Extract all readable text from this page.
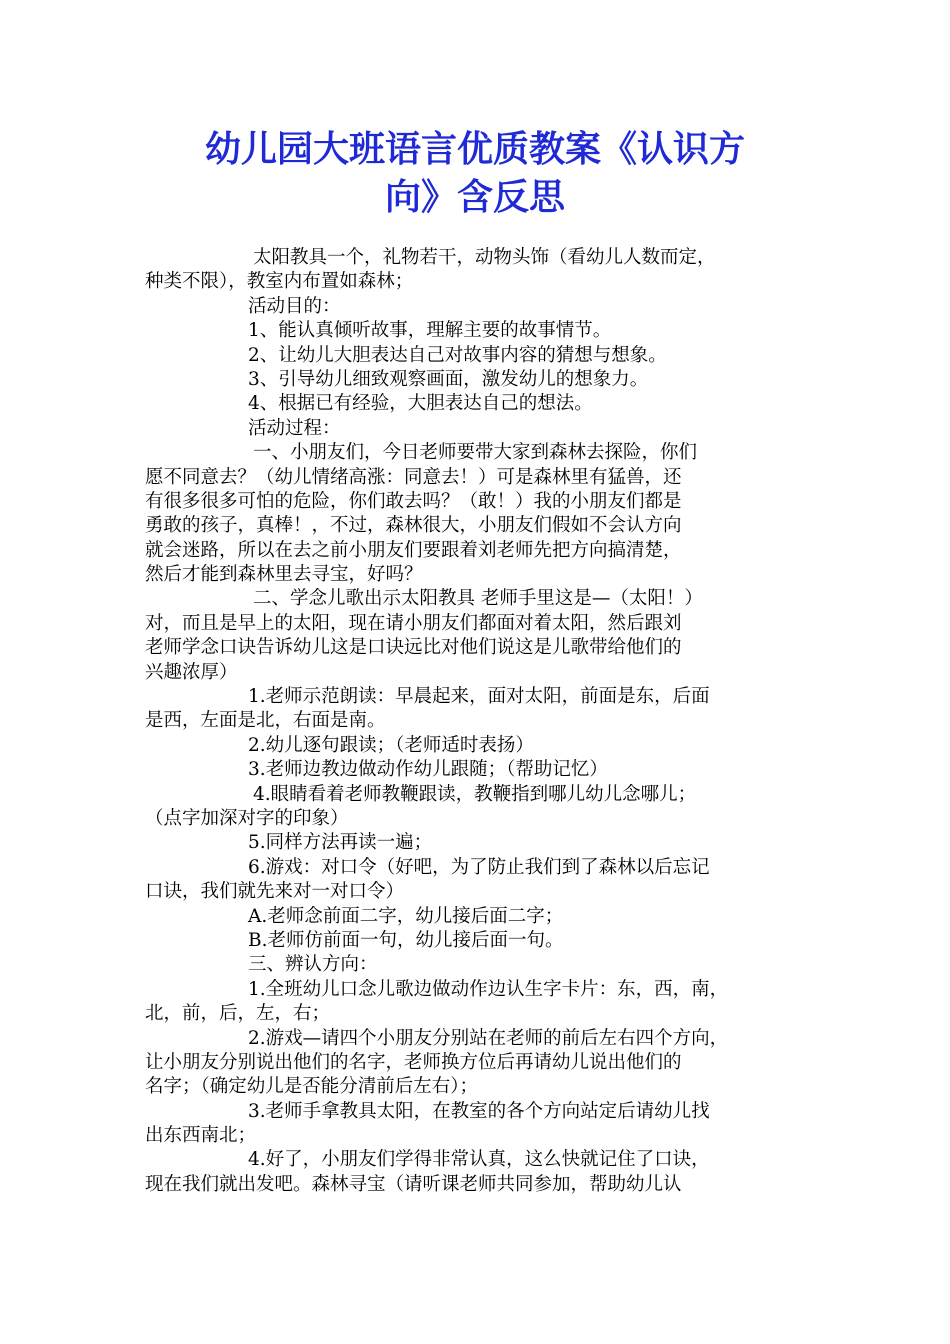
幼儿园大班语言优质教案《认识方
向》含反思
太阳教具一个，礼物若干，动物头饰（看幼儿人数而定，
种类不限），教室内布置如森林；
活动目的：
1、能认真倾听故事，理解主要的故事情节。
2、让幼儿大胆表达自己对故事内容的猜想与想象。
3、引导幼儿细致观察画面，激发幼儿的想象力。
4、根据已有经验，大胆表达自己的想法。
活动过程：
一、小朋友们，今日老师要带大家到森林去探险，你们
愿不同意去？（幼儿情绪高涨：同意去！）可是森林里有猛兽，还
有很多很多可怕的危险，你们敢去吗？（敢！）我的小朋友们都是
勇敢的孩子，真棒！，不过，森林很大，小朋友们假如不会认方向
就会迷路，所以在去之前小朋友们要跟着刘老师先把方向搞清楚，
然后才能到森林里去寻宝，好吗？
二、学念儿歌出示太阳教具 老师手里这是—（太阳！）
对，而且是早上的太阳，现在请小朋友们都面对着太阳，然后跟刘
老师学念口诀告诉幼儿这是口诀远比对他们说这是儿歌带给他们的
兴趣浓厚）
1.老师示范朗读：早晨起来，面对太阳，前面是东，后面
是西，左面是北，右面是南。
2.幼儿逐句跟读；（老师适时表扬）
3.老师边教边做动作幼儿跟随；（帮助记忆）
4.眼睛看着老师教鞭跟读，教鞭指到哪儿幼儿念哪儿；
（点字加深对字的印象）
5.同样方法再读一遍；
6.游戏：对口令（好吧，为了防止我们到了森林以后忘记
口诀，我们就先来对一对口令）
A.老师念前面二字，幼儿接后面二字；
B.老师仿前面一句，幼儿接后面一句。
三、辨认方向：
1.全班幼儿口念儿歌边做动作边认生字卡片：东，西，南，
北，前，后，左，右；
2.游戏—请四个小朋友分别站在老师的前后左右四个方向，
让小朋友分别说出他们的名字，老师换方位后再请幼儿说出他们的
名字；（确定幼儿是否能分清前后左右）；
3.老师手拿教具太阳，在教室的各个方向站定后请幼儿找
出东西南北；
4.好了，小朋友们学得非常认真，这么快就记住了口诀，
现在我们就出发吧。森林寻宝（请听课老师共同参加，帮助幼儿认
